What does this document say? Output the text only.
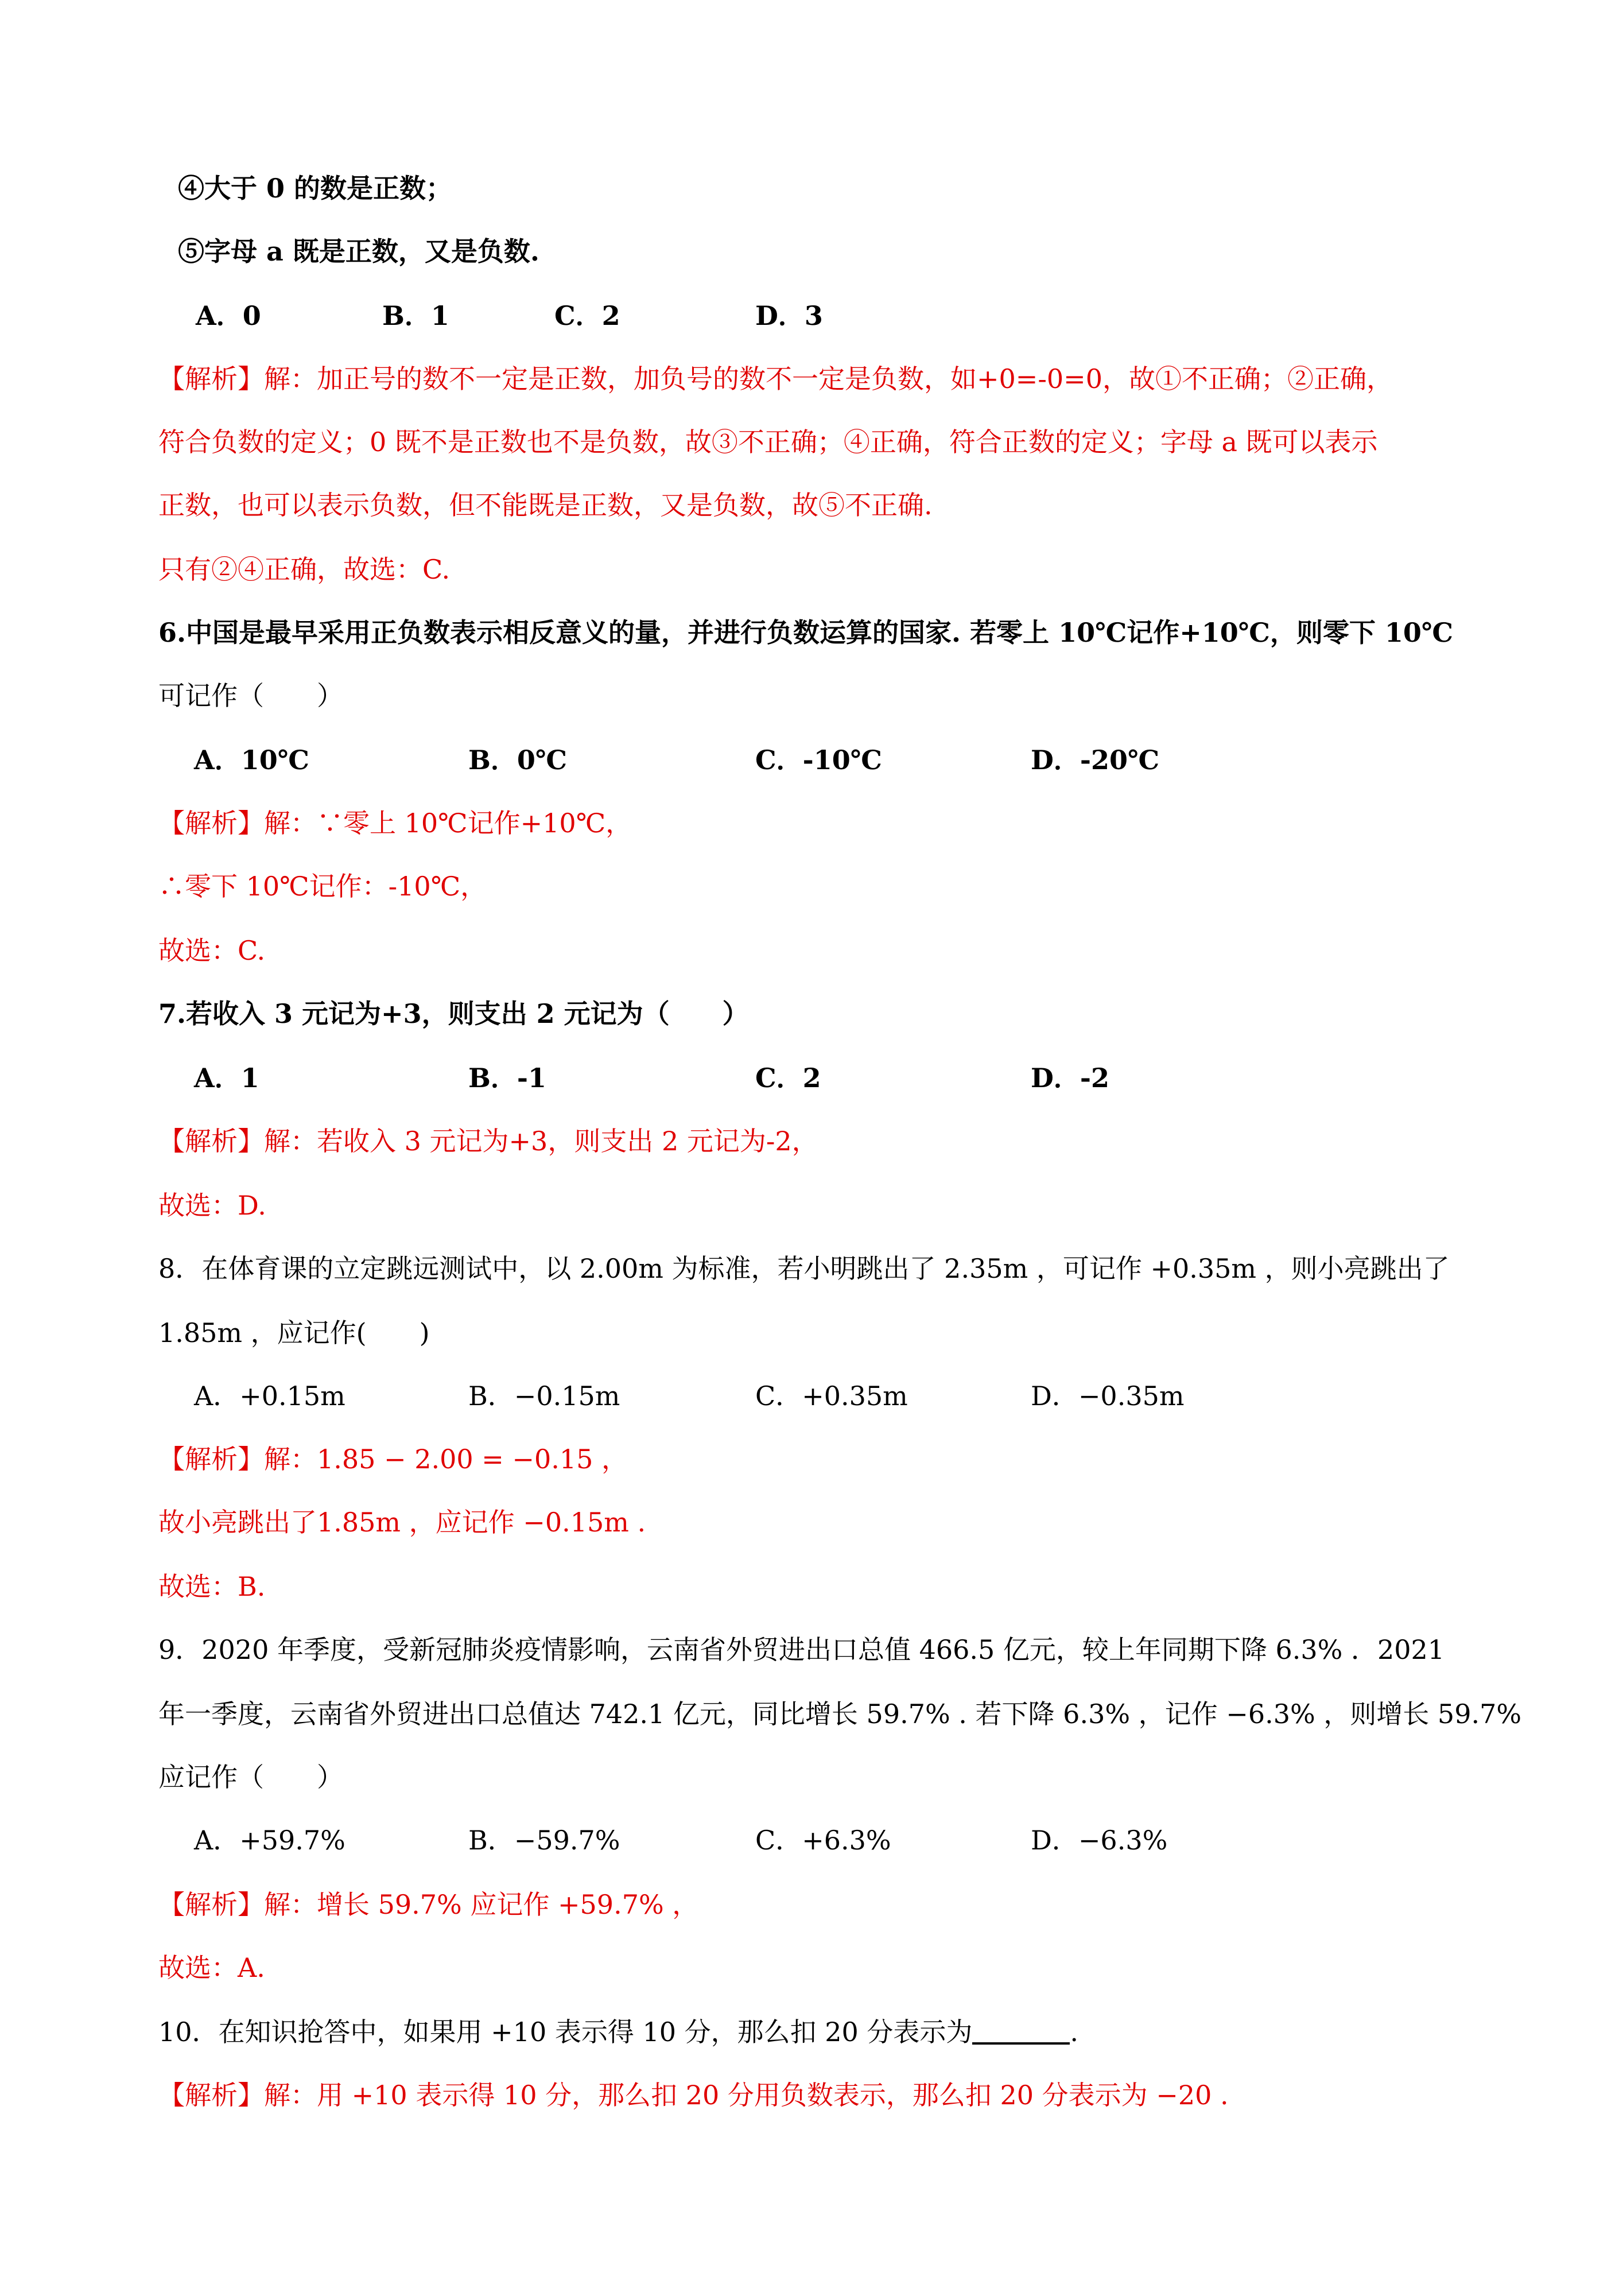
④大于 0 的数是正数；
⑤字母 a 既是正数，又是负数.
A．0	B．1	C．2	D．3
【解析】解：加正号的数不一定是正数，加负号的数不一定是负数，如+0=-0=0，故①不正确；②正确，
符合负数的定义；0 既不是正数也不是负数，故③不正确；④正确，符合正数的定义；字母 a 既可以表示
正数，也可以表示负数，但不能既是正数，又是负数，故⑤不正确.
只有②④正确，故选：C.
6.中国是最早采用正负数表示相反意义的量，并进行负数运算的国家. 若零上 10℃记作+10℃，则零下 10℃
可记作（　　）
A．10℃	B．0℃	C．-10℃	D．-20℃
【解析】解：∵零上 10℃记作+10℃，
∴零下 10℃记作：-10℃，
故选：C.
7.若收入 3 元记为+3，则支出 2 元记为（　　）
A．1	B．-1	C．2	D．-2
【解析】解：若收入 3 元记为+3，则支出 2 元记为-2，
故选：D.
8．在体育课的立定跳远测试中，以 2.00m 为标准，若小明跳出了 2.35m ，可记作 +0.35m ，则小亮跳出了
1.85m ，应记作(　　)
A．+0.15m	B．−0.15m	C．+0.35m	D．−0.35m
【解析】解：1.85 − 2.00 = −0.15 ，
故小亮跳出了1.85m ，应记作 −0.15m .
故选：B.
9．2020 年季度，受新冠肺炎疫情影响，云南省外贸进出口总值 466.5 亿元，较上年同期下降 6.3% ．2021
年一季度，云南省外贸进出口总值达 742.1 亿元，同比增长 59.7% . 若下降 6.3% ，记作 −6.3% ，则增长 59.7%
应记作（　　）
A．+59.7%	B．−59.7%	C．+6.3%	D．−6.3%
【解析】解：增长 59.7% 应记作 +59.7% ，
故选：A.
10．在知识抢答中，如果用 +10 表示得 10 分，那么扣 20 分表示为	.
【解析】解：用 +10 表示得 10 分，那么扣 20 分用负数表示，那么扣 20 分表示为 −20 .
